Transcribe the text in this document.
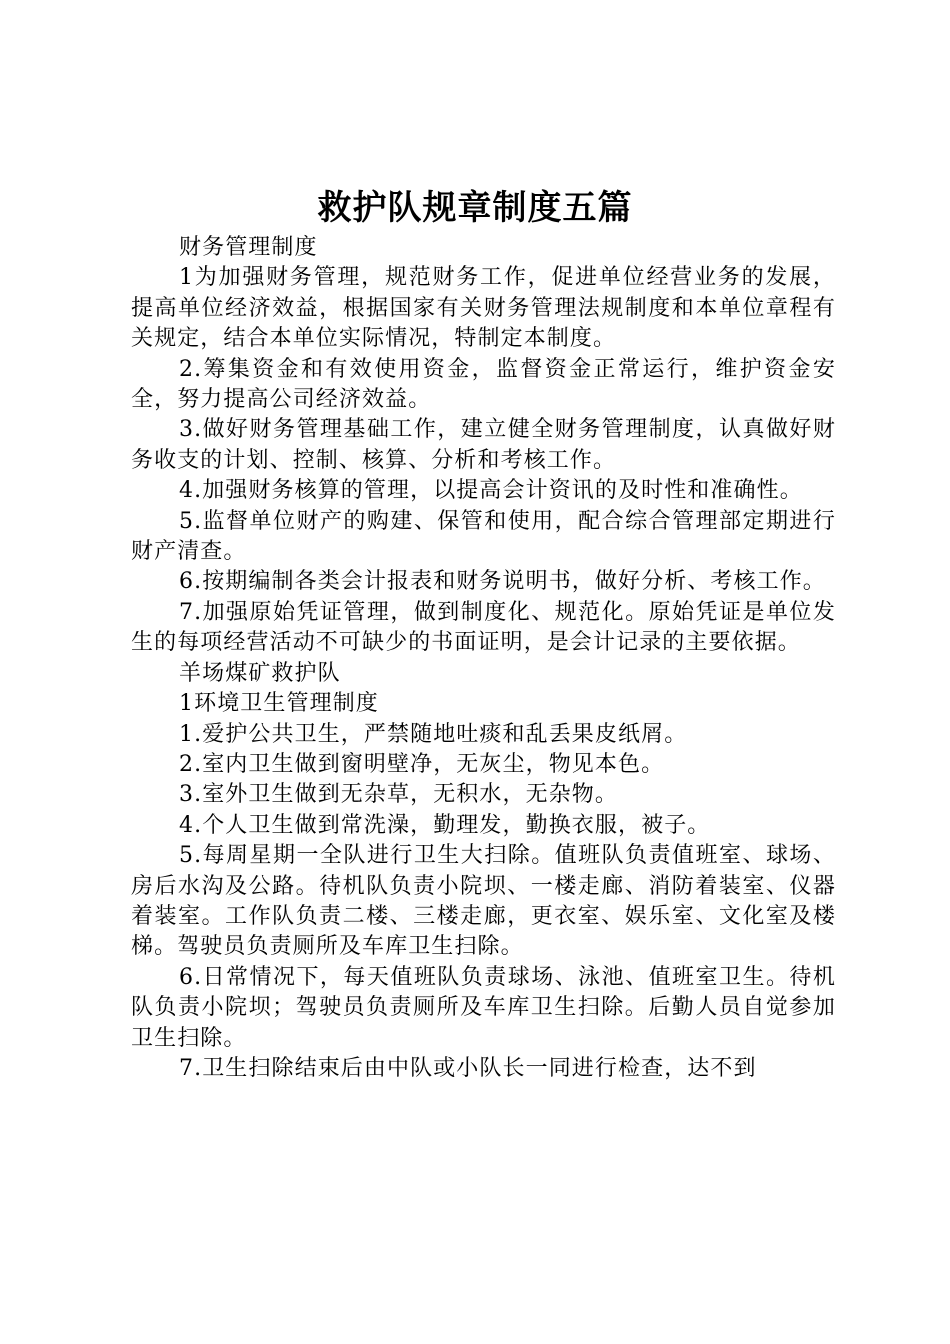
救护队规章制度五篇

财务管理制度

1为加强财务管理，规范财务工作，促进单位经营业务的发展，提高单位经济效益，根据国家有关财务管理法规制度和本单位章程有关规定，结合本单位实际情况，特制定本制度。

2.筹集资金和有效使用资金，监督资金正常运行，维护资金安全，努力提高公司经济效益。

3.做好财务管理基础工作，建立健全财务管理制度，认真做好财务收支的计划、控制、核算、分析和考核工作。

4.加强财务核算的管理，以提高会计资讯的及时性和准确性。

5.监督单位财产的购建、保管和使用，配合综合管理部定期进行财产清查。

6.按期编制各类会计报表和财务说明书，做好分析、考核工作。

7.加强原始凭证管理，做到制度化、规范化。原始凭证是单位发生的每项经营活动不可缺少的书面证明，是会计记录的主要依据。

羊场煤矿救护队

1环境卫生管理制度

1.爱护公共卫生，严禁随地吐痰和乱丢果皮纸屑。

2.室内卫生做到窗明壁净，无灰尘，物见本色。

3.室外卫生做到无杂草，无积水，无杂物。

4.个人卫生做到常洗澡，勤理发，勤换衣服，被子。

5.每周星期一全队进行卫生大扫除。值班队负责值班室、球场、房后水沟及公路。待机队负责小院坝、一楼走廊、消防着装室、仪器着装室。工作队负责二楼、三楼走廊，更衣室、娱乐室、文化室及楼梯。驾驶员负责厕所及车库卫生扫除。

6.日常情况下，每天值班队负责球场、泳池、值班室卫生。待机队负责小院坝；驾驶员负责厕所及车库卫生扫除。后勤人员自觉参加卫生扫除。

7.卫生扫除结束后由中队或小队长一同进行检查，达不到
